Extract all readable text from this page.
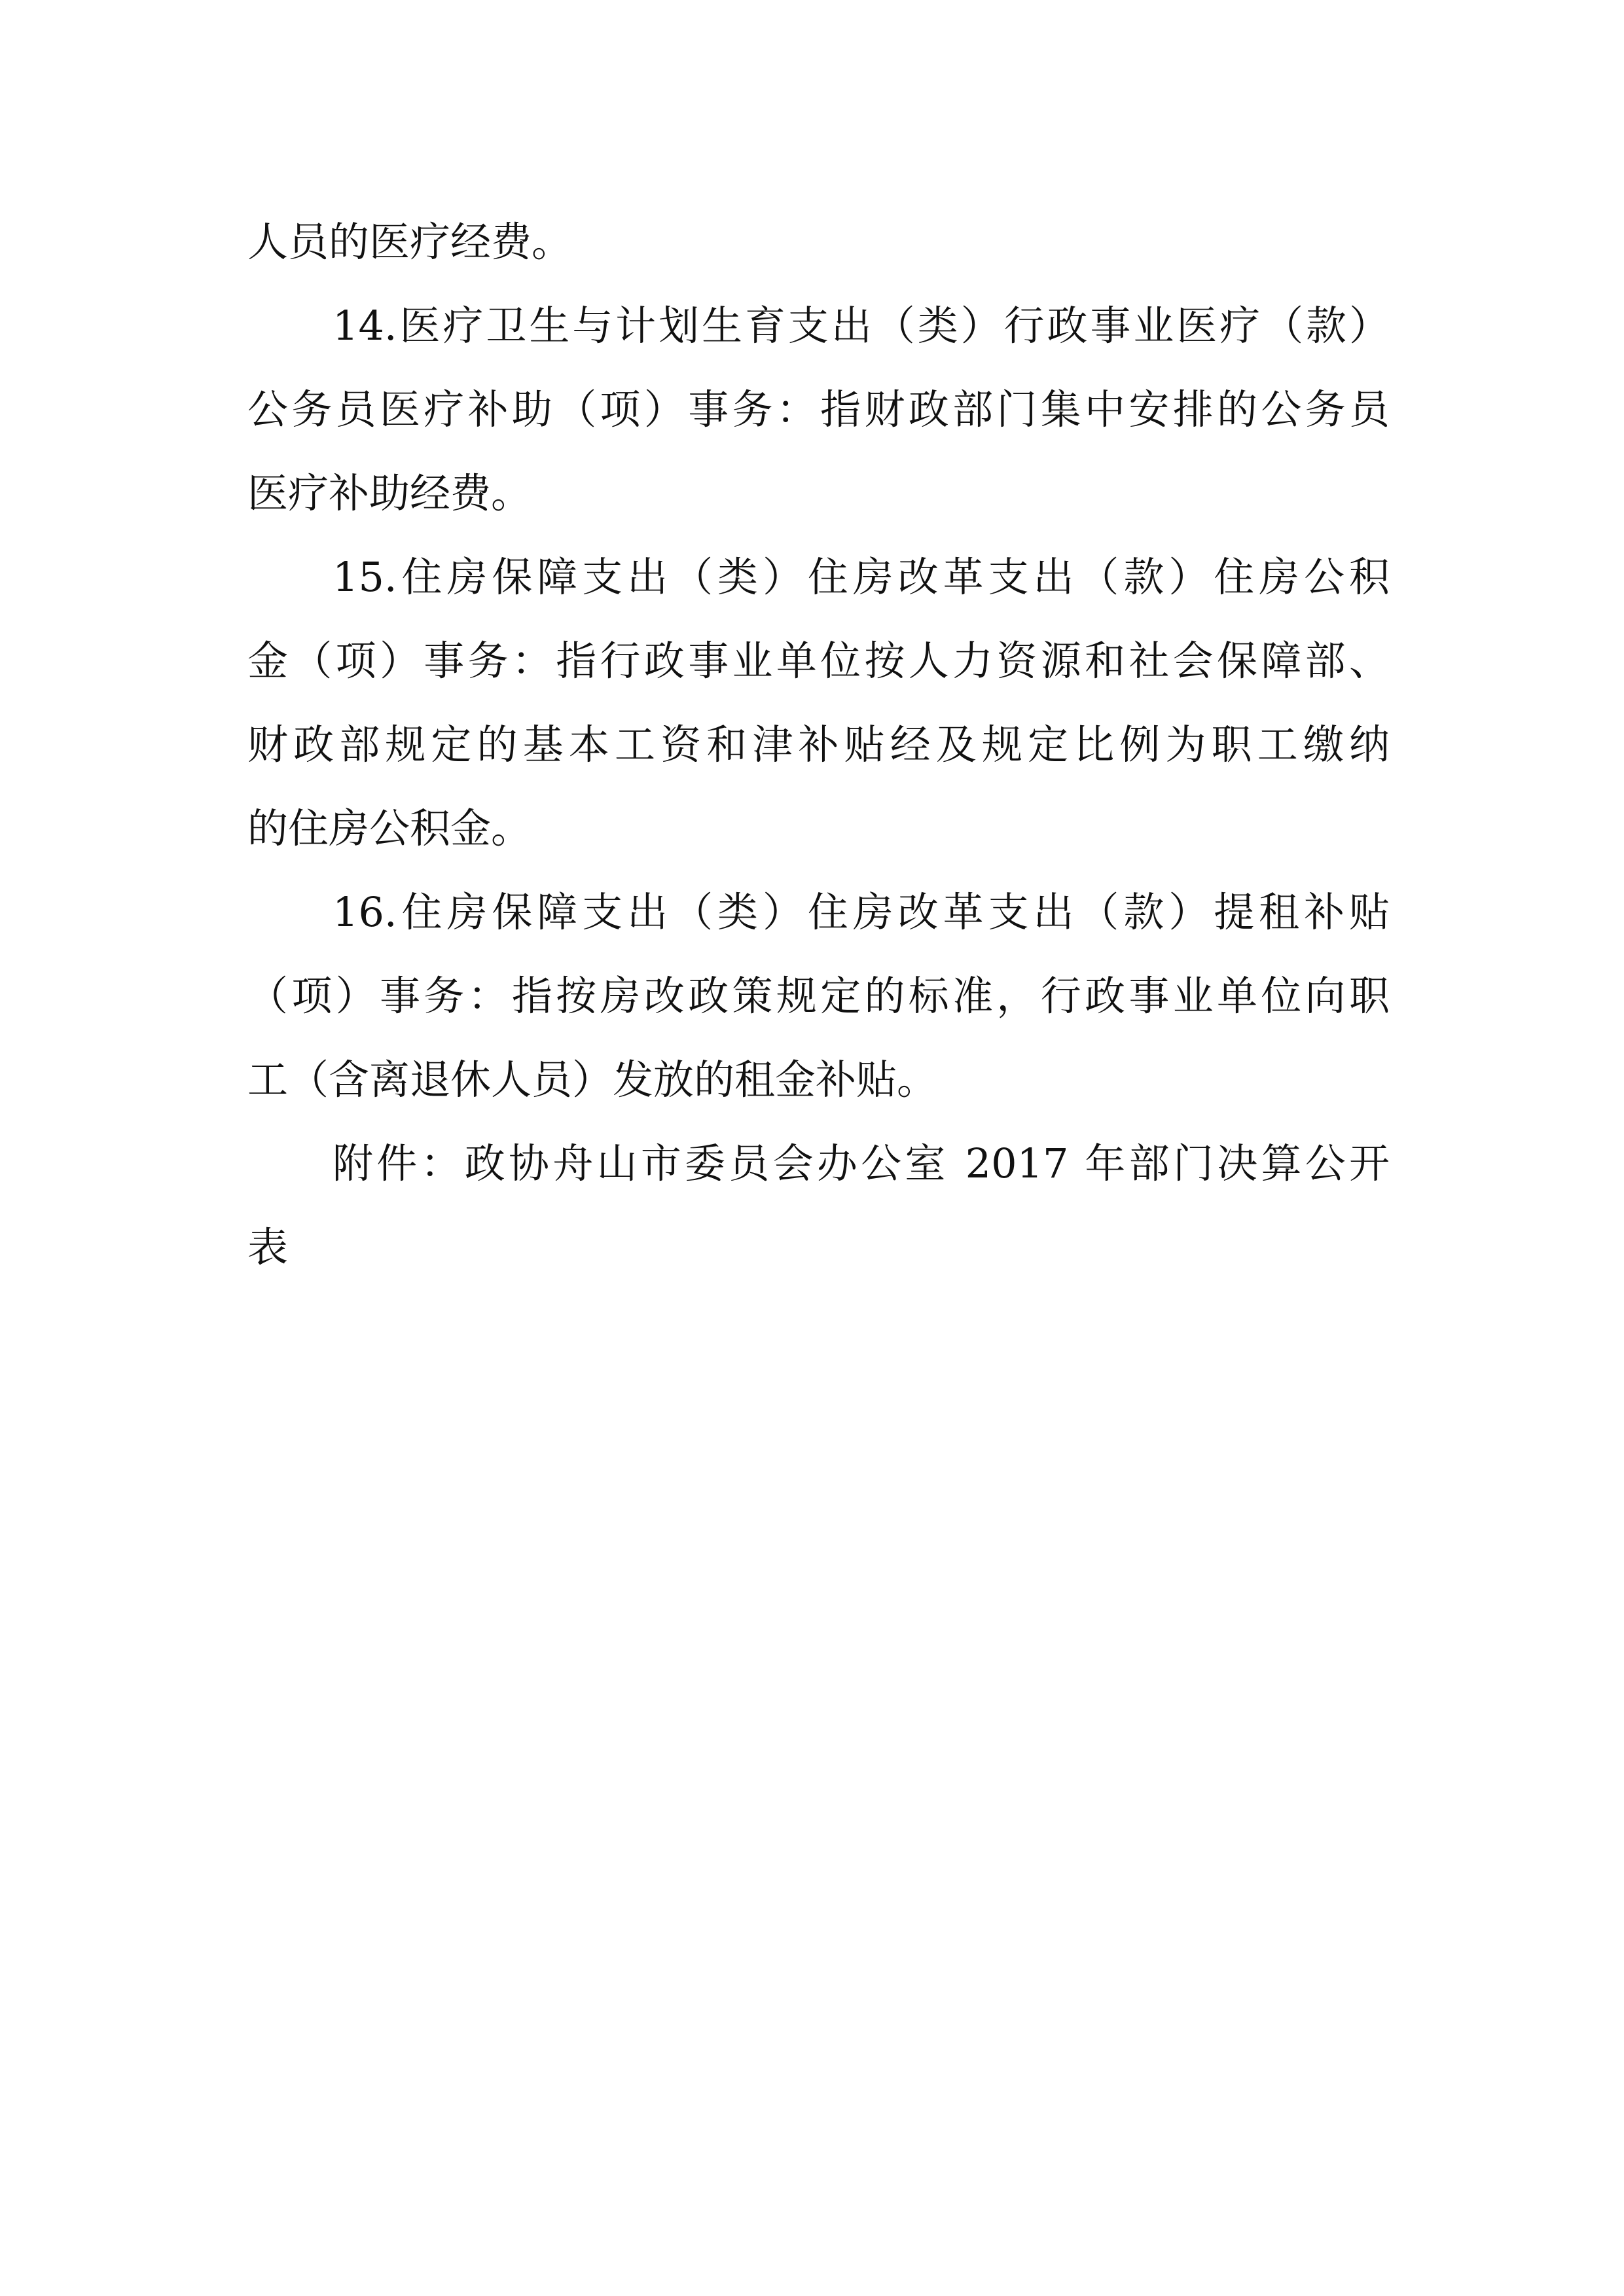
人员的医疗经费。
14.医疗卫生与计划生育支出（类）行政事业医疗（款）
公务员医疗补助（项）事务：指财政部门集中安排的公务员
医疗补助经费。
15.住房保障支出（类）住房改革支出（款）住房公积
金（项）事务：指行政事业单位按人力资源和社会保障部、
财政部规定的基本工资和津补贴经及规定比例为职工缴纳
的住房公积金。
16.住房保障支出（类）住房改革支出（款）提租补贴
（项）事务：指按房改政策规定的标准，行政事业单位向职
工（含离退休人员）发放的租金补贴。
附件：政协舟山市委员会办公室 2017 年部门决算公开
表
